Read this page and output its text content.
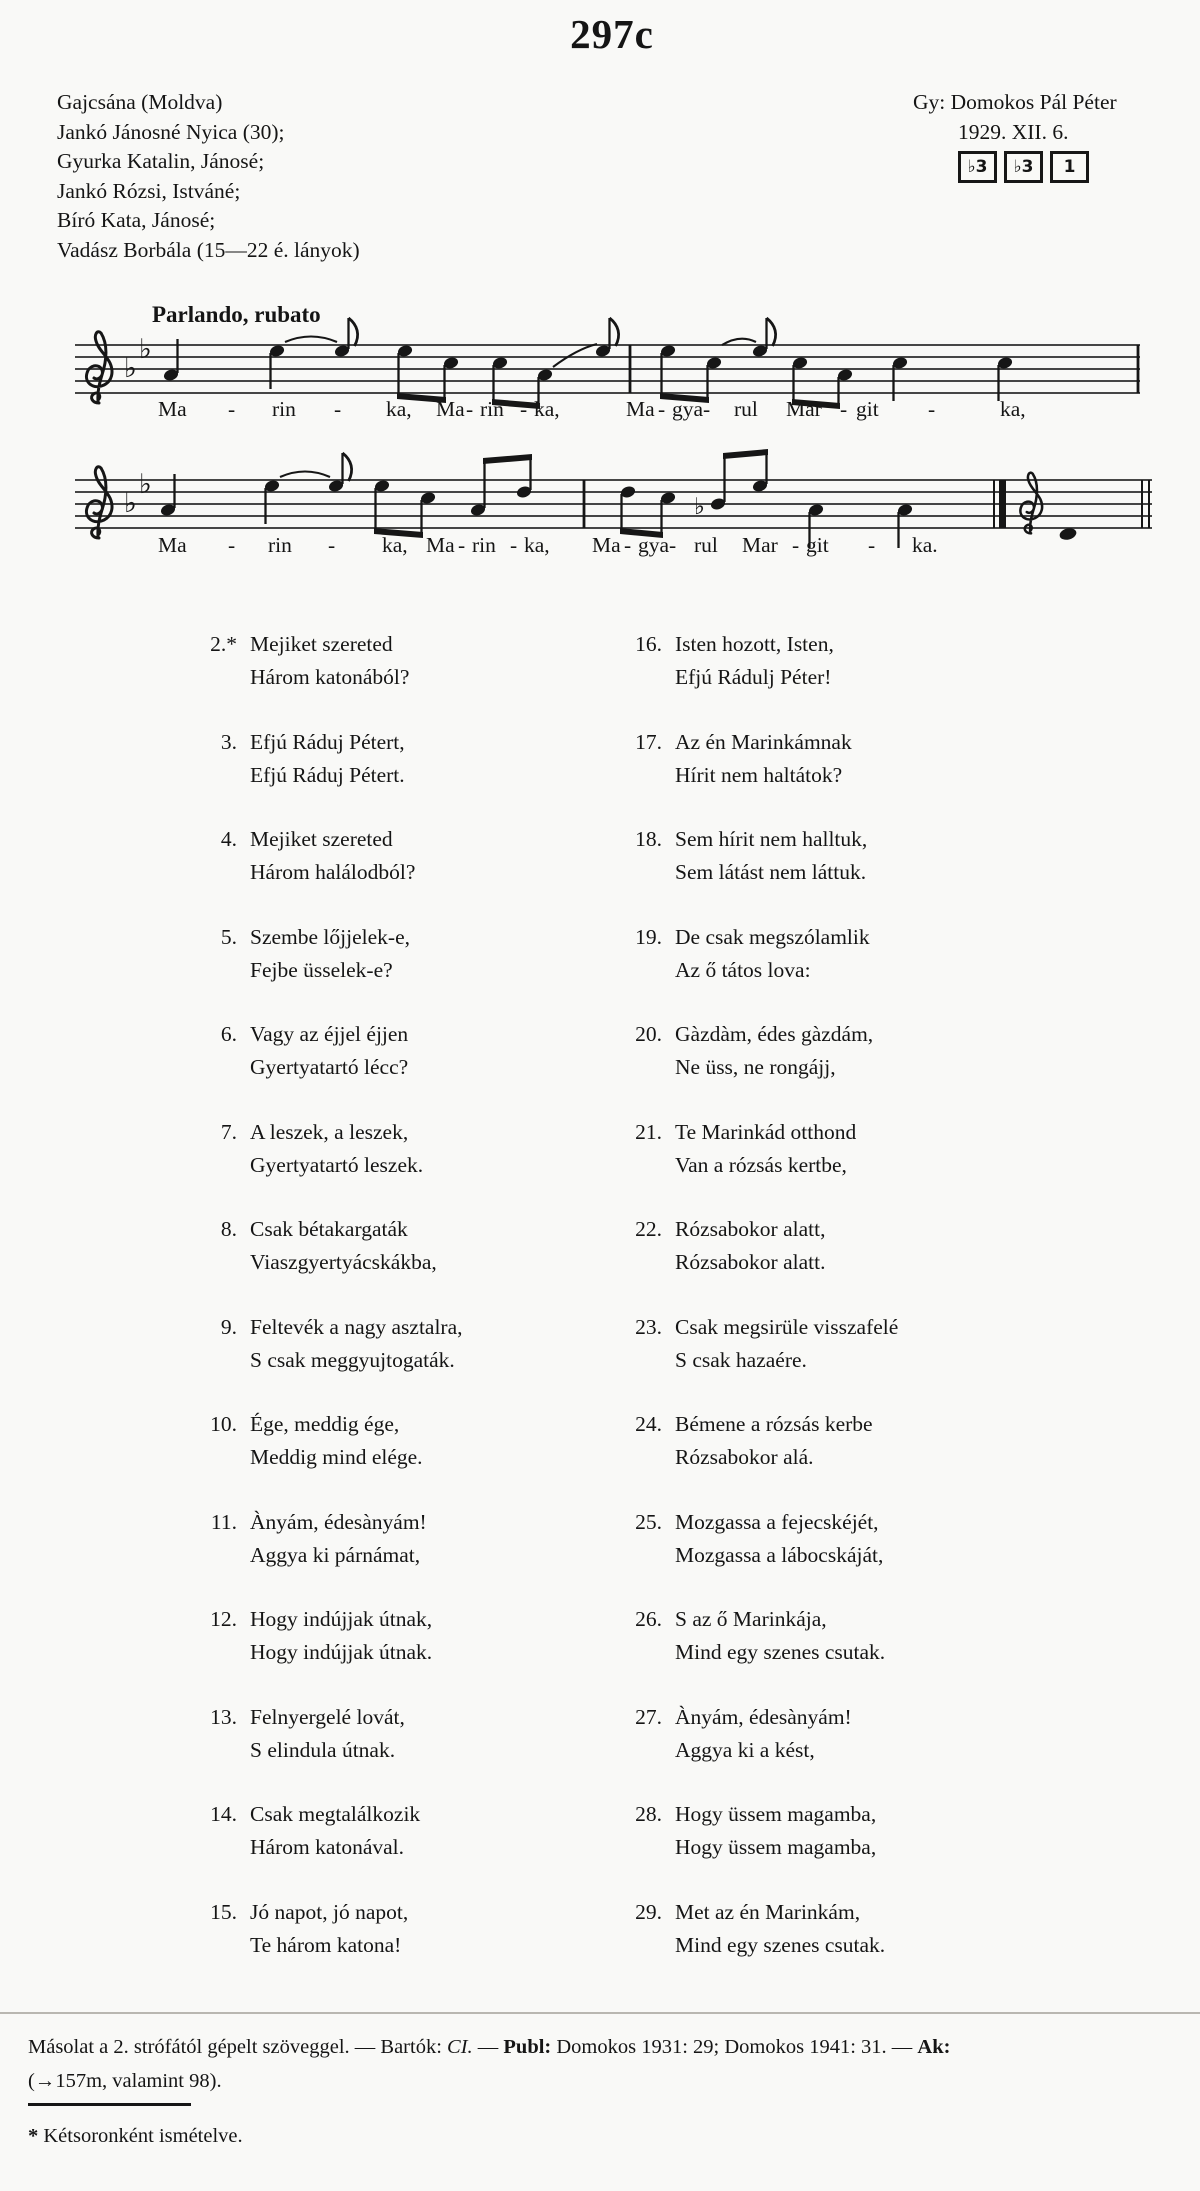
297c
Gajcsána (Moldva)
Jankó Jánosné Nyica (30);
Gyurka Katalin, Jánosé;
Jankó Rózsi, Istváné;
Bíró Kata, Jánosé;
Vadász Borbála (15—22 é. lányok)
Gy: Domokos Pál Péter
1929. XII. 6.
♭3	♭3	1
Parlando, rubato
♭
♭
♭
♭
♭
Ma - rin - ka, Ma - rin - ka,	Ma - gya- rul Mar - git -	ka,
Ma - rin - ka, Ma - rin - ka, Ma - gya- rul Mar - git - ka.
2.* Mejiket szereted
Három katonából?
3. Efjú Ráduj Pétert,
Efjú Ráduj Pétert.
4. Mejiket szereted
Három halálodból?
5. Szembe lőjjelek-e,
Fejbe üsselek-e?
6. Vagy az éjjel éjjen
Gyertyatartó lécc?
7. A leszek, a leszek,
Gyertyatartó leszek.
8. Csak bétakargaták
Viaszgyertyácskákba,
9. Feltevék a nagy asztalra,
S csak meggyujtogaták.
10. Ége, meddig ége,
Meddig mind elége.
11. Ànyám, édesànyám!
Aggya ki párnámat,
12. Hogy indújjak útnak,
Hogy indújjak útnak.
13. Felnyergelé lovát,
S elindula útnak.
14. Csak megtalálkozik
Három katonával.
15. Jó napot, jó napot,
Te három katona!
16. Isten hozott, Isten,
Efjú Rádulj Péter!
17. Az én Marinkámnak
Hírit nem haltátok?
18. Sem hírit nem halltuk,
Sem látást nem láttuk.
19. De csak megszólamlik
Az ő tátos lova:
20. Gàzdàm, édes gàzdám,
Ne üss, ne rongájj,
21. Te Marinkád otthond
Van a rózsás kertbe,
22. Rózsabokor alatt,
Rózsabokor alatt.
23. Csak megsirüle visszafelé
S csak hazaére.
24. Bémene a rózsás kerbe
Rózsabokor alá.
25. Mozgassa a fejecskéjét,
Mozgassa a lábocskáját,
26. S az ő Marinkája,
Mind egy szenes csutak.
27. Ànyám, édesànyám!
Aggya ki a kést,
28. Hogy üssem magamba,
Hogy üssem magamba,
29. Met az én Marinkám,
Mind egy szenes csutak.
Másolat a 2. strófától gépelt szöveggel. — Bartók: CI. — Publ: Domokos 1931: 29; Domokos 1941: 31. — Ak:
(→157m, valamint 98).
* Kétsoronként ismételve.
